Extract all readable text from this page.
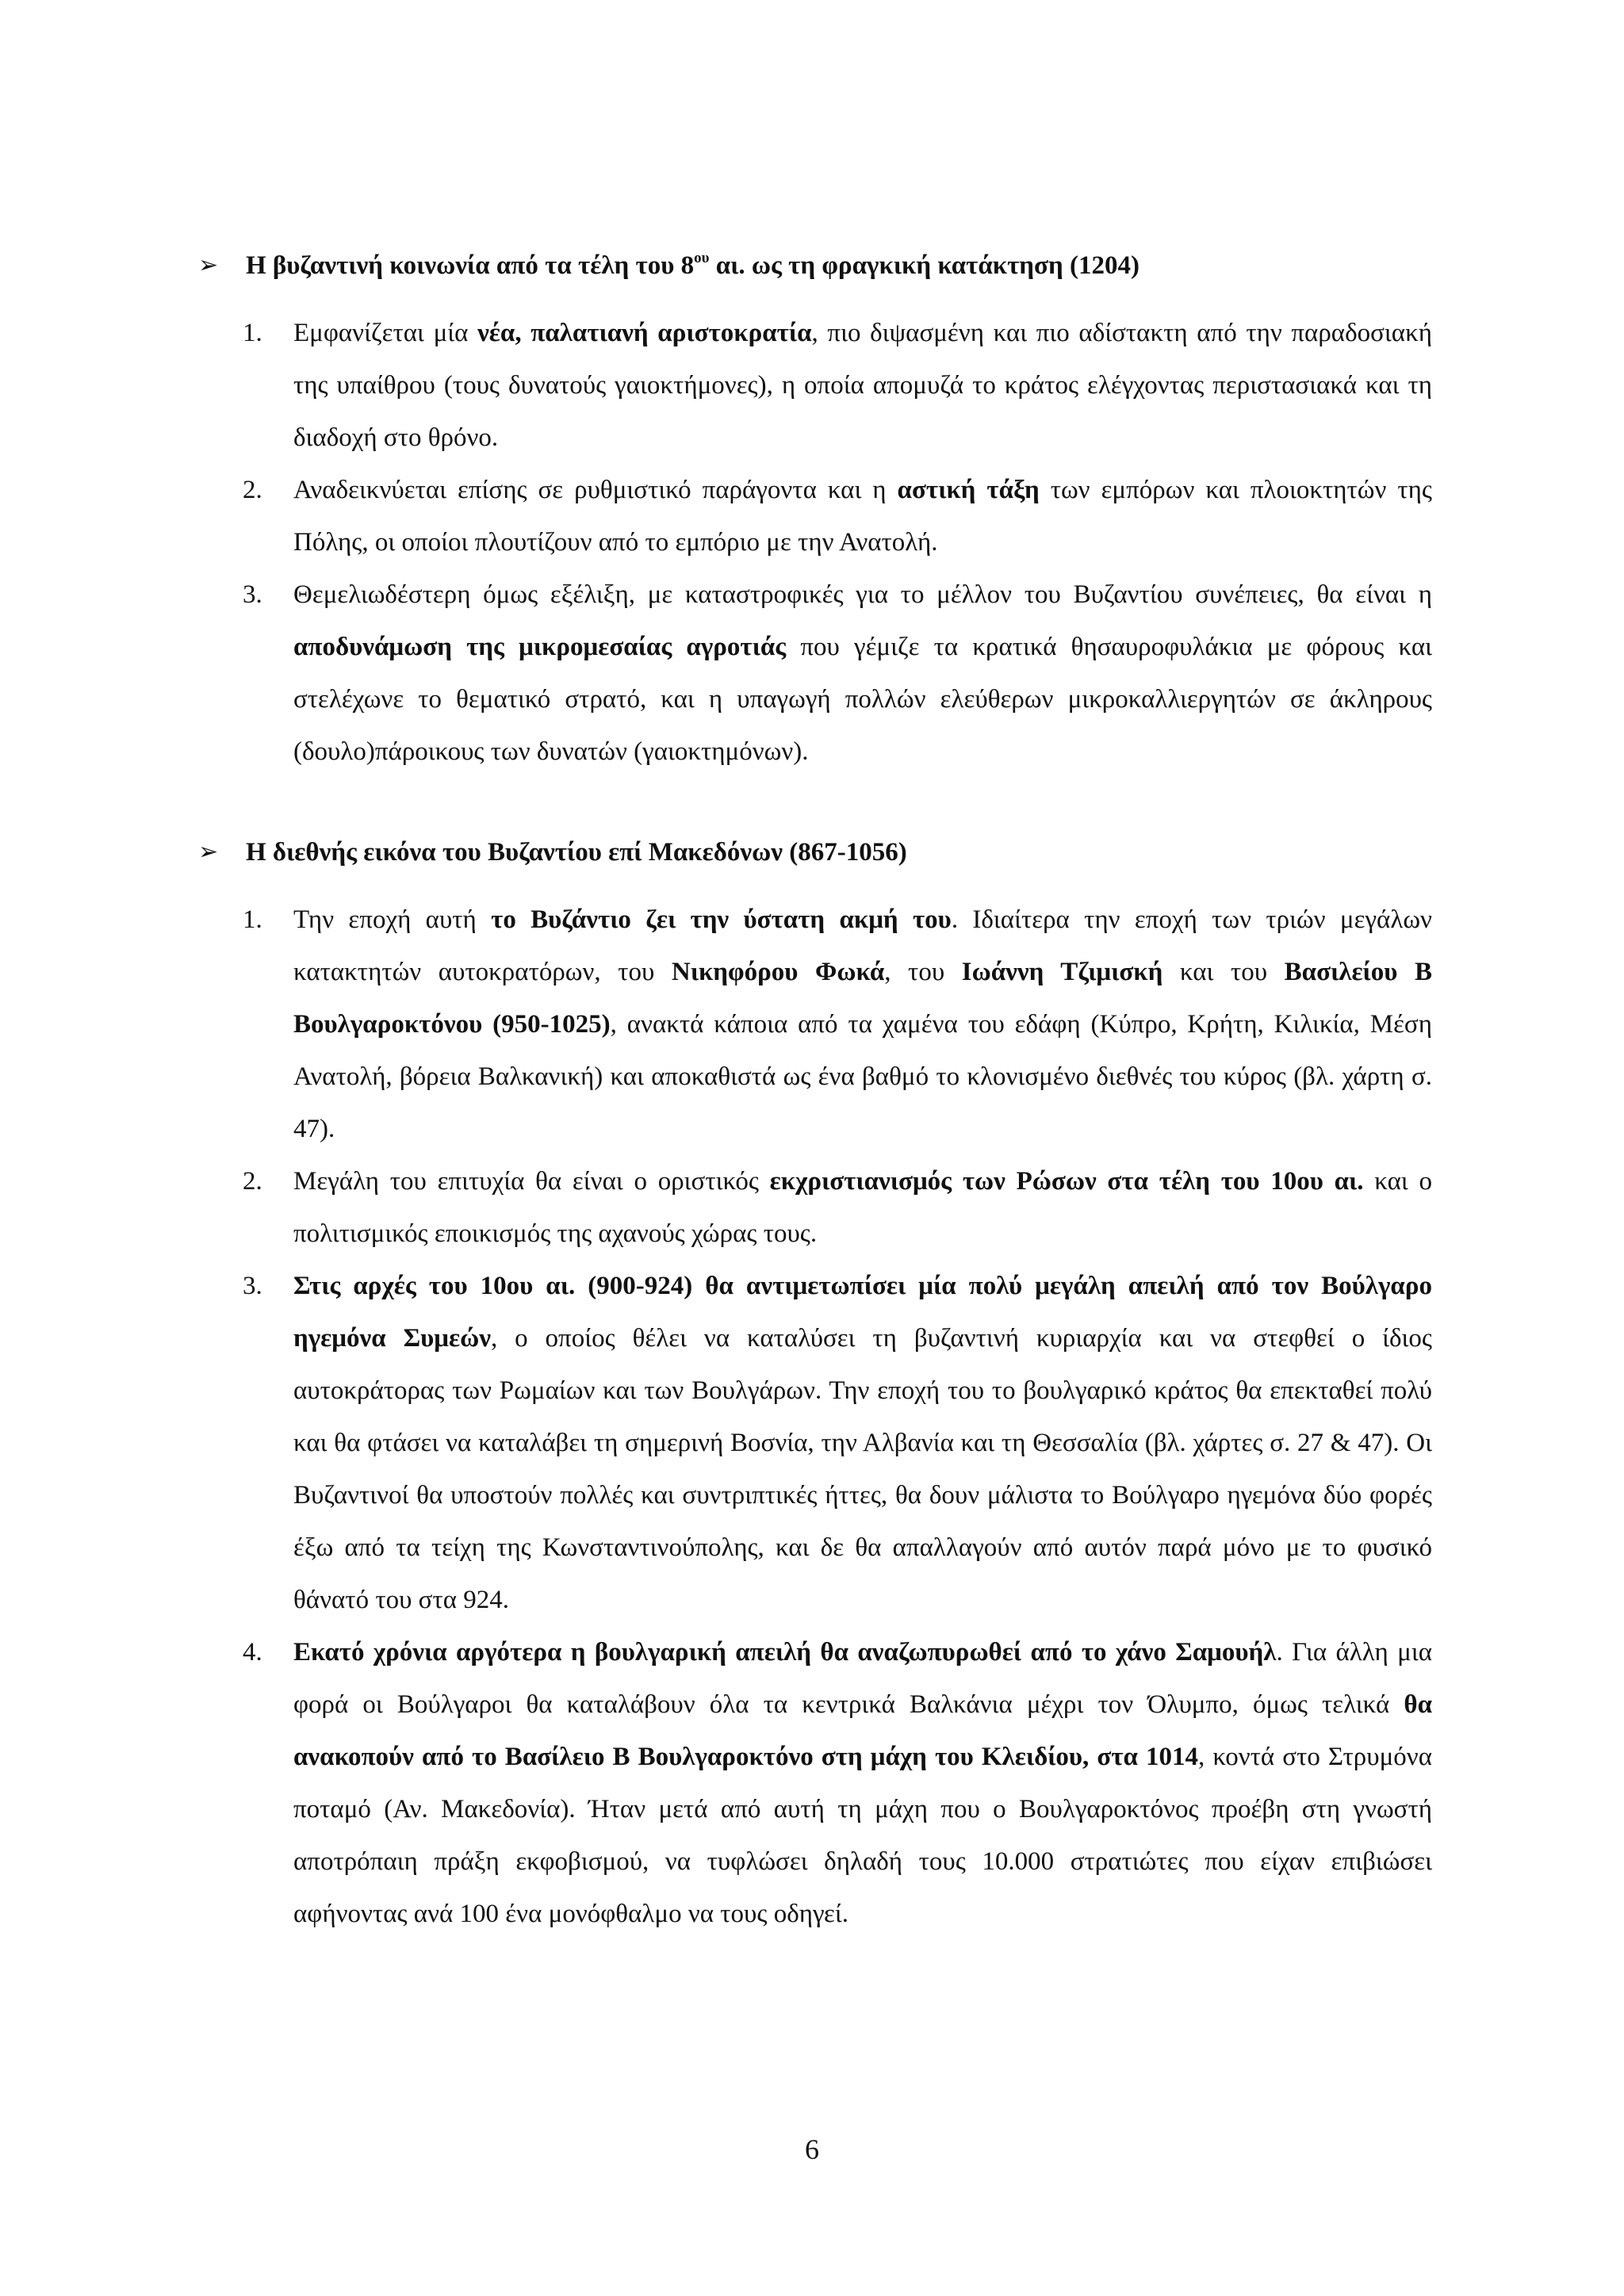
➢	Η βυζαντινή κοινωνία από τα τέλη του $8^{o\upsilon}$ αι. ως τη φραγκική κατάκτηση (1204)
1. Εμφανίζεται μία νέα, παλατιανή αριστοκρατία, πιο διψασμένη και πιο αδίστακτη από την παραδοσιακή της υπαίθρου (τους δυνατούς γαιοκτήμονες), η οποία απομυζά το κράτος ελέγχοντας περιστασιακά και τη διαδοχή στο θρόνο.
2. Αναδεικνύεται επίσης σε ρυθμιστικό παράγοντα και η αστική τάξη των εμπόρων και πλοιοκτητών της Πόλης, οι οποίοι πλουτίζουν από το εμπόριο με την Ανατολή.
3. Θεμελιωδέστερη όμως εξέλιξη, με καταστροφικές για το μέλλον του Βυζαντίου συνέπειες, θα είναι η αποδυνάμωση της μικρομεσαίας αγροτιάς που γέμιζε τα κρατικά θησαυροφυλάκια με φόρους και στελέχωνε το θεματικό στρατό, και η υπαγωγή πολλών ελεύθερων μικροκαλλιεργητών σε άκληρους (δουλο)πάροικους των δυνατών (γαιοκτημόνων).
➢	Η διεθνής εικόνα του Βυζαντίου επί Μακεδόνων (867-1056)
1. Την εποχή αυτή το Βυζάντιο ζει την ύστατη ακμή του. Ιδιαίτερα την εποχή των τριών μεγάλων κατακτητών αυτοκρατόρων, του Νικηφόρου Φωκά, του Ιωάννη Τζιμισκή και του Βασιλείου Β Βουλγαροκτόνου (950-1025), ανακτά κάποια από τα χαμένα του εδάφη (Κύπρο, Κρήτη, Κιλικία, Μέση Ανατολή, βόρεια Βαλκανική) και αποκαθιστά ως ένα βαθμό το κλονισμένο διεθνές του κύρος (βλ. χάρτη σ. 47).
2. Μεγάλη του επιτυχία θα είναι ο οριστικός εκχριστιανισμός των Ρώσων στα τέλη του 10ου αι. και ο πολιτισμικός εποικισμός της αχανούς χώρας τους.
3. Στις αρχές του 10ου αι. (900-924) θα αντιμετωπίσει μία πολύ μεγάλη απειλή από τον Βούλγαρο ηγεμόνα Συμεών, ο οποίος θέλει να καταλύσει τη βυζαντινή κυριαρχία και να στεφθεί ο ίδιος αυτοκράτορας των Ρωμαίων και των Βουλγάρων. Την εποχή του το βουλγαρικό κράτος θα επεκταθεί πολύ και θα φτάσει να καταλάβει τη σημερινή Βοσνία, την Αλβανία και τη Θεσσαλία (βλ. χάρτες σ. 27 & 47). Οι Βυζαντινοί θα υποστούν πολλές και συντριπτικές ήττες, θα δουν μάλιστα το Βούλγαρο ηγεμόνα δύο φορές έξω από τα τείχη της Κωνσταντινούπολης, και δε θα απαλλαγούν από αυτόν παρά μόνο με το φυσικό θάνατό του στα 924.
4. Εκατό χρόνια αργότερα η βουλγαρική απειλή θα αναζωπυρωθεί από το χάνο Σαμουήλ. Για άλλη μια φορά οι Βούλγαροι θα καταλάβουν όλα τα κεντρικά Βαλκάνια μέχρι τον Όλυμπο, όμως τελικά θα ανακοπούν από το Βασίλειο Β Βουλγαροκτόνο στη μάχη του Κλειδίου, στα 1014, κοντά στο Στρυμόνα ποταμό (Αν. Μακεδονία). Ήταν μετά από αυτή τη μάχη που ο Βουλγαροκτόνος προέβη στη γνωστή αποτρόπαιη πράξη εκφοβισμού, να τυφλώσει δηλαδή τους 10.000 στρατιώτες που είχαν επιβιώσει αφήνοντας ανά 100 ένα μονόφθαλμο να τους οδηγεί.
6
